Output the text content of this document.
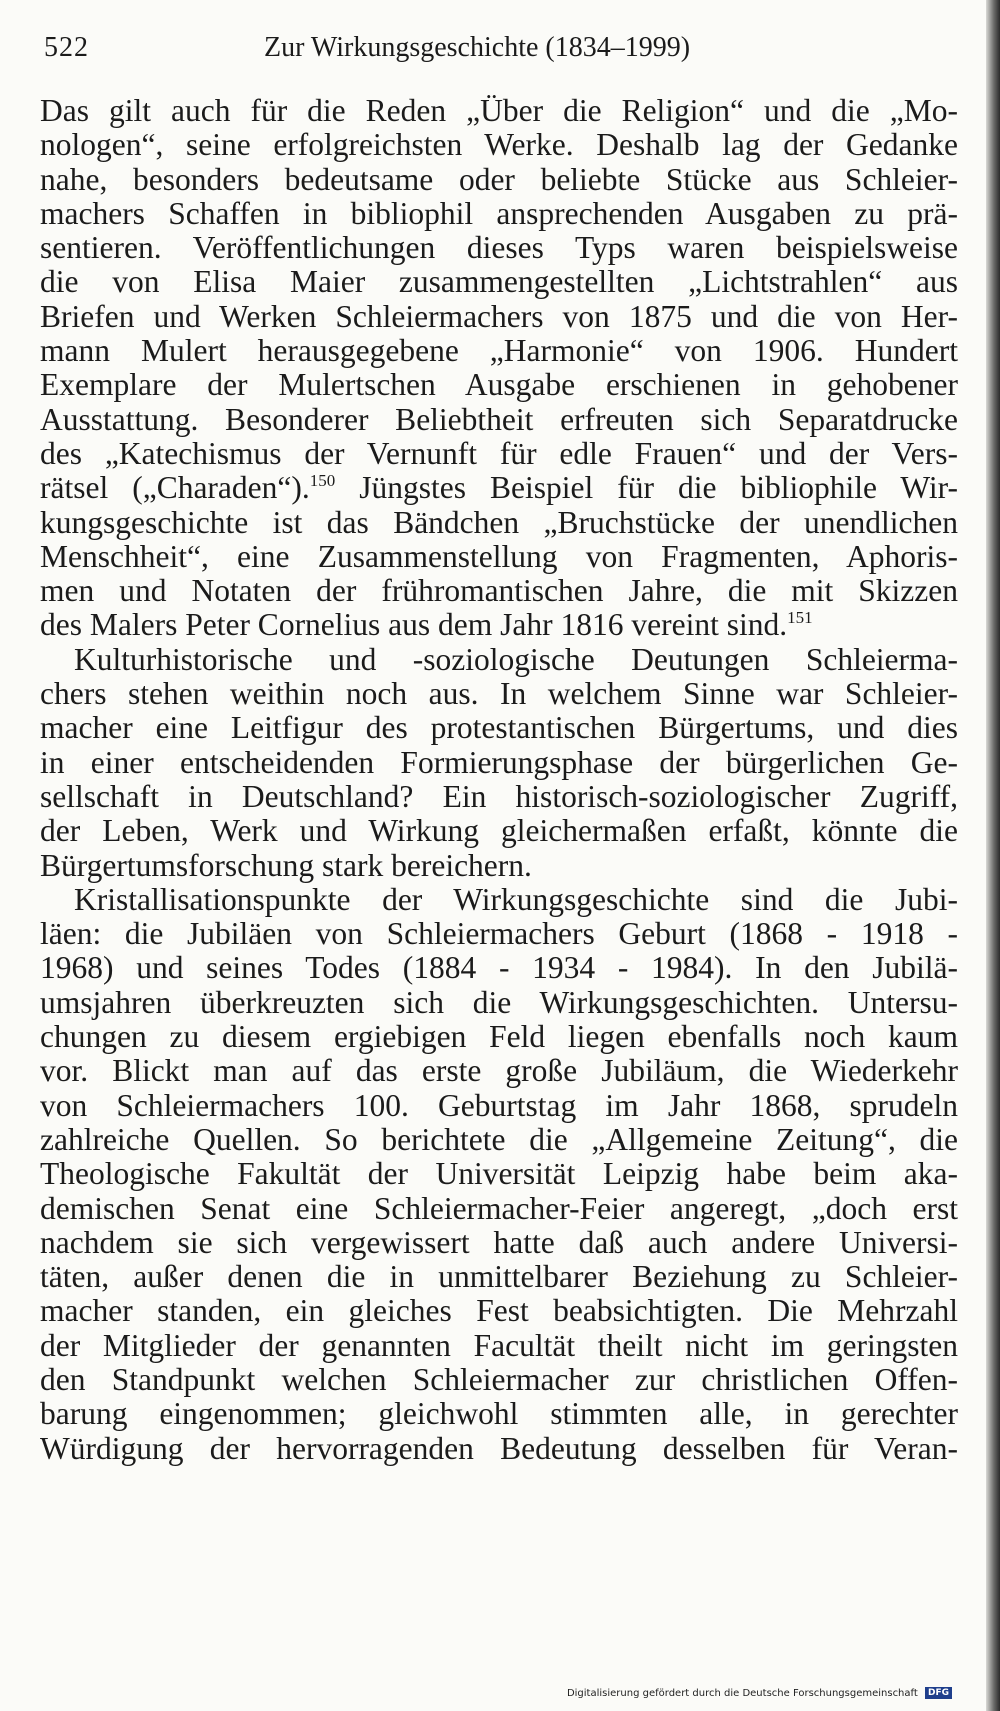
522	Zur Wirkungsgeschichte (1834–1999)
Das gilt auch für die Reden „Über die Religion“ und die „Mo-
nologen“, seine erfolgreichsten Werke. Deshalb lag der Gedanke
nahe, besonders bedeutsame oder beliebte Stücke aus Schleier-
machers Schaffen in bibliophil ansprechenden Ausgaben zu prä-
sentieren. Veröffentlichungen dieses Typs waren beispielsweise
die von Elisa Maier zusammengestellten „Lichtstrahlen“ aus
Briefen und Werken Schleiermachers von 1875 und die von Her-
mann Mulert herausgegebene „Harmonie“ von 1906. Hundert
Exemplare der Mulertschen Ausgabe erschienen in gehobener
Ausstattung. Besonderer Beliebtheit erfreuten sich Separatdrucke
des „Katechismus der Vernunft für edle Frauen“ und der Vers-
rätsel („Charaden“).$^{150}$ Jüngstes Beispiel für die bibliophile Wir-
kungsgeschichte ist das Bändchen „Bruchstücke der unendlichen
Menschheit“, eine Zusammenstellung von Fragmenten, Aphoris-
men und Notaten der frühromantischen Jahre, die mit Skizzen
des Malers Peter Cornelius aus dem Jahr 1816 vereint sind.$^{151}$
Kulturhistorische und -soziologische Deutungen Schleierma-
chers stehen weithin noch aus. In welchem Sinne war Schleier-
macher eine Leitfigur des protestantischen Bürgertums, und dies
in einer entscheidenden Formierungsphase der bürgerlichen Ge-
sellschaft in Deutschland? Ein historisch-soziologischer Zugriff,
der Leben, Werk und Wirkung gleichermaßen erfaßt, könnte die
Bürgertumsforschung stark bereichern.
Kristallisationspunkte der Wirkungsgeschichte sind die Jubi-
läen: die Jubiläen von Schleiermachers Geburt (1868 - 1918 -
1968) und seines Todes (1884 - 1934 - 1984). In den Jubilä-
umsjahren überkreuzten sich die Wirkungsgeschichten. Untersu-
chungen zu diesem ergiebigen Feld liegen ebenfalls noch kaum
vor. Blickt man auf das erste große Jubiläum, die Wiederkehr
von Schleiermachers 100. Geburtstag im Jahr 1868, sprudeln
zahlreiche Quellen. So berichtete die „Allgemeine Zeitung“, die
Theologische Fakultät der Universität Leipzig habe beim aka-
demischen Senat eine Schleiermacher-Feier angeregt, „doch erst
nachdem sie sich vergewissert hatte daß auch andere Universi-
täten, außer denen die in unmittelbarer Beziehung zu Schleier-
macher standen, ein gleiches Fest beabsichtigten. Die Mehrzahl
der Mitglieder der genannten Facultät theilt nicht im geringsten
den Standpunkt welchen Schleiermacher zur christlichen Offen-
barung eingenommen; gleichwohl stimmten alle, in gerechter
Würdigung der hervorragenden Bedeutung desselben für Veran-
Digitalisierung gefördert durch die Deutsche Forschungsgemeinschaft DFG
